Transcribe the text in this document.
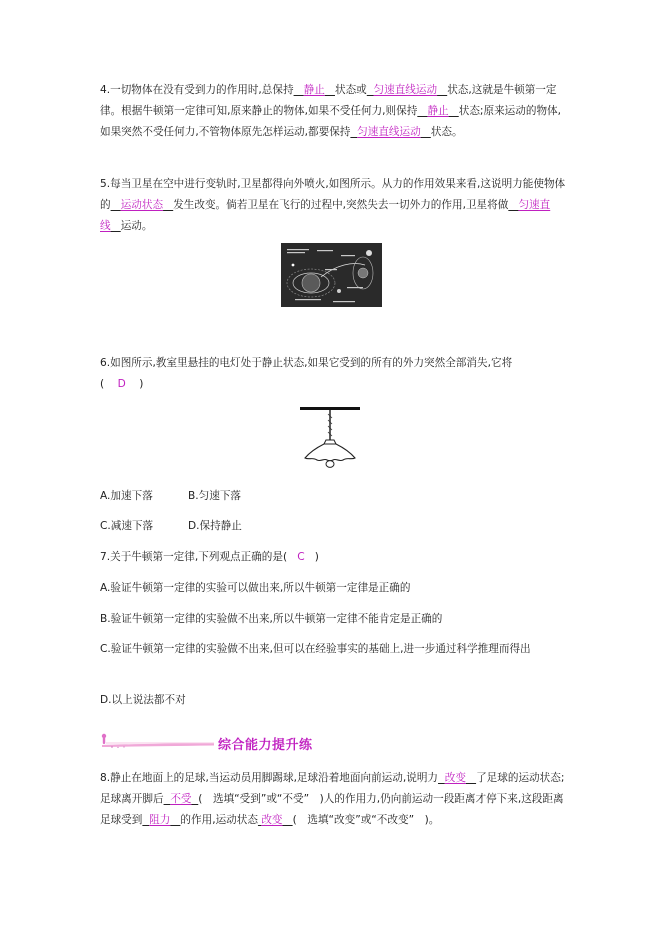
4.一切物体在没有受到力的作用时,总保持 静止 状态或 匀速直线运动 状态,这就是牛顿第一定律。根据牛顿第一定律可知,原来静止的物体,如果不受任何力,则保持 静止 状态;原来运动的物体,如果突然不受任何力,不管物体原先怎样运动,都要保持 匀速直线运动 状态。
5.每当卫星在空中进行变轨时,卫星都得向外喷火,如图所示。从力的作用效果来看,这说明力能使物体的 运动状态 发生改变。倘若卫星在飞行的过程中,突然失去一切外力的作用,卫星将做 匀速直线 运动。
6.如图所示,教室里悬挂的电灯处于静止状态,如果它受到的所有的外力突然全部消失,它将
( D )
A.加速下落	B.匀速下落
C.减速下落	D.保持静止
7.关于牛顿第一定律,下列观点正确的是( C )
A.验证牛顿第一定律的实验可以做出来,所以牛顿第一定律是正确的
B.验证牛顿第一定律的实验做不出来,所以牛顿第一定律不能肯定是正确的
C.验证牛顿第一定律的实验做不出来,但可以在经验事实的基础上,进一步通过科学推理而得出
D.以上说法都不对
综合能力提升练
8.静止在地面上的足球,当运动员用脚踢球,足球沿着地面向前运动,说明力 改变 了足球的运动状态;足球离开脚后 不受 (　选填“受到”或“不受”　)人的作用力,仍向前运动一段距离才停下来,这段距离足球受到 阻力 的作用,运动状态 改变 (　选填“改变”或“不改变”　)。
